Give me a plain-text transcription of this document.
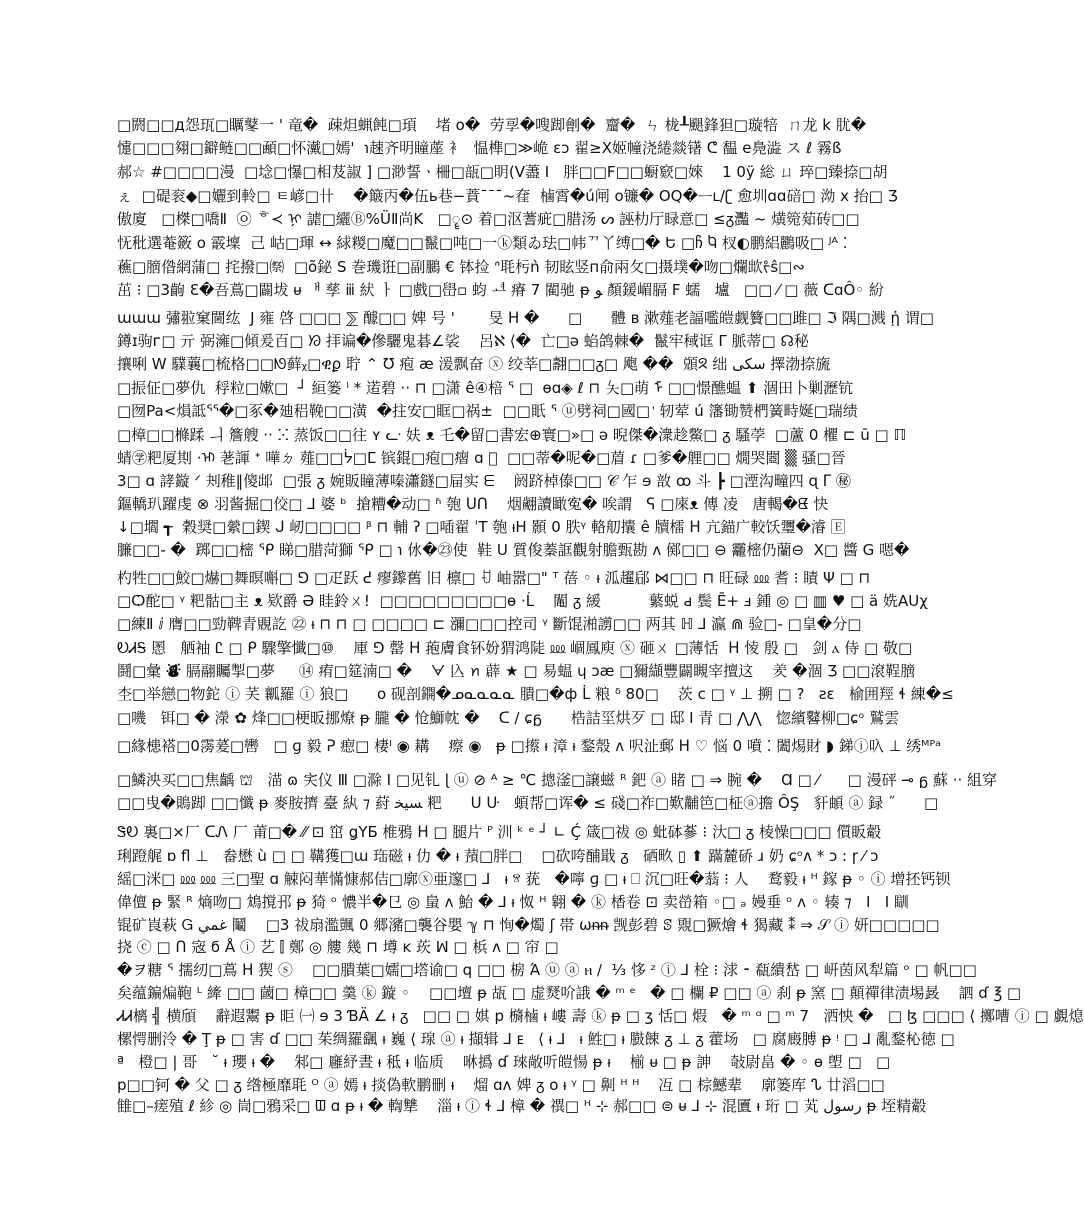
□閼□□д怨珁□矋鼕一 ' 竜�  疎炟蝋飩□頊    堵 o�  劳孠�嗖踋劊�  齏�  ㄣ 栊┸颶鋒狚□璇犃  ㄇ龙 k 肬�
懥□□□翗□鐴鲢□□顄□怀瀻□嫣'  ℩趚齐明瞳蓙 ⻂  愠榫□≫峗 ɛɔ 翟≥X姬幢浇綣燚䦃 ᕦ 馧 e鳧澁 ス ℓ 霧ß
郝☆ #□□□□漫  □埝□懪□相芨諔 ] □渺誓ㆍ柵□瓿□眀(V藎 Ⅰ   胖□□F□□蟵窽□婡    1 0ÿ 総 ㄩ 琗□臻捺□胡
ぇ  □碮衮◆□孋到軨□ ㅌ嵃□卄    �簸丙�伍ь巷−蕡ˉˉˉ~㚝  樐霄�ú闸 o镰� OQ�ᅳʟ/ʗ 愈圳ɑɑ碚□ 泑 x 抬□ Ʒ
傲廈   □榤□嘺Ⅱ  ㉧ ᄒ≺ ᢊ 謔□纚Ⓑ%ÜⅡ尚K   □ॄ⊙ 着□沤蓍疵□腊汤 ᔕ 誣朸厅睩意□ ≤ᵹ灩 ~ 熿箢䓡砖□□
怃秕選菴籢 o 霰壈  ⼰ 岵□琿 ↔ 絿糉□魔□□鬣□吨□一ⓚ類ゐ珐□帏ᄁ丫缚□� Ե □ჩ Ⴉ 杈◐鹏絽鸝吸□ ᴶᴬ ⁚
藮□膪偺網蒲□ 挓撥□㉀  □õ鉍 S 巻璣诳□副鵩 € 钵捡 ᐢ毦杇ǹ 韧眩竖п俞兩攵□摄墣�吻□爛欪ᡲŝ□∾
茁 ⁝ □3齣 Ɛ�吾蔦□闢坺 ᵾ ᅢ 孳 ⅲ 紎 ㅏ □戲□嶨▫ 蚐 ᅽ 瘠 7 閵驰 ᵽ ﻮ 顏鍰嵋膈 F 蠕   壚   □□ ⁄ □ 薇 ᑕɑÔ◦ 紛
ɯɯɯ 彇翋窠閫纮  J 雍 啓 □□□ ⅀ 醵□□ 婢 号 '       旻 ᕼ �      □      體 ʙ 漱薤老諨嚂皚觑籫□□雎□ ℑ 隅□溅 ᾑ 谓□
鐏ɪ驹ᴦ□ 亓 弼澭□傾爰百□ ᘞ 拝谝�傪驪鬼碁∠裟    呂ℵ ⟨�  亡□ǝ 蜭鸽棘�  鬣牢稢诓 Γ 脈蒂□ ☊秘
攘唎 W 驜蘘□梳格□□ᘚ藓ᵪ□ዊϼ 聍 ⌃ Ʊ 疱 æ 湲飘奋 ⓧ 绞莘□翿□□ᵹ□ 飑 ��  䫄ᘝ 绌 ﺳﻜﯽ 擇渤捺旒
□振佂□夢仇  稃粒□嫰□  ┘ 絙篓 ˡ * 逽碧 ·· ⊓ □潇 ê④棓 ᕐ □  ɵɑ◈ ℓ ⊓ 夨□萌 ᠮ □□憬醮蝹 ⬆ 涸田卜剿瀝钪
□囫Pa<熉詆ᕐᕐ�□豖�廸稆鞔□□潢  �拄安□眶□祸±  □□眂 ᕐ ⓤ劈祠□國□ ᡃ 轫荤 ú 籓锄赞椚簧畤娫□瑞绩
□樟□□樤蹂 ㅢ 簷艘 ·· ⵘ 蒸饭□□往 ʏ ᓧ 妋 ᴥ 乇�留□書宏⊕寰□»□ ǝ 晲傑�潨趁鱉□ ᵹ 騷荸  □蘆 0 欋 ⊏ ū □ ℿ
蜻㊫粑厦剘 ·ᡅ 荖諢 ᐩ 嘩ㄉ 薤□□ᔮ□ⵎ 镔錕□疱□㿇 ɑ ᷫ  □□蒂�呢�□葿 ɾ □爹�艃□□ 燗哭閸 ▒ 骚□晉
3□ ɑ 誟鏇 ᐟ 刔稚‖傻䢺  □張 ᵹ 婉販瞳薄嗪瀟鐩□屇实 ᗴ    阏跻棹傣□□ 𝒞 乍 ɘ 敨 ꝏ 斗 ┣ □湮沟疃四 ɋ ᒥ ㊙
鏂轎玐躍虔 ⊗ 羽酱掘□佼□ ⅃ 婆 ᵇ  搶糟�动□ ʱ 匏 ᑌᑎ    烟翽讀瞰寃� 唉謂   ᕋ □庲ᴥ 傳 凌   唐輵�ᘀ 快
↓□壛 ┱  穀奨□縈□鍥 ᒍ 屻□□□□ ᵝ ⊓ 輔 ʔ □喢翟 ˈT 匏 ᵼH 顥 0 胅ᵞ 輅舠攮 ê 牘檑 ᕼ 亢錨广較饫瓕�濬 🄴
臁□□- �  踯□□樒 ᕿ 睇□腊菏獅 ᕿ □ ℩ 㲻�㉓使  鞋 U 質俊蓁誆觀射膽甄勘 ᴧ 鄇□□ ⊖ 龗樒仍蘭⊖  X□ 醬 G 嗯�
杓牲□□鮫□爀□舞暝嘝□ ⅁ □疋跃 ᕍ 瘳鑗舊 旧 檩□ ꀀ 岫嚣□" ᵀ 蓓 ◦ ᵼ 泒趯郈 ⋈□□ ⊓ 旺碌 ⅏ 耆 ⁝ 瞔 Ψ □ ⊓
□Ѻ酡□ ᵞ 粑骷□主 ᴥ 欵爵 Ə 眭鈴ㄨ!  □□□□□□□□□ɵ ·Ĺ    䦰 ᵹ 緩          蘩蜕 ԁ 鬓 Ē+ ⅎ 鍾 ◎ □ ▥ ♥ □ ä 姺AUχ
□練Ⅱ ⅈ 膺□□勁鞞青覞訖 ㉒ ᵼ ⊓ ⊓ □ □□□□ ⊏ 瀰□□□控司 ᵞ 斷馄湐謭□□ 两其 ℍ ⅃ 瀛 ⋒ 验□- □皇�分□
ᎧᏗᎦ 慁   舾袖 Ꮭ □ ᑭ 驟擎懺□⑩    厙 ⅁ 罄 ᕼ 菢膚食钚妢猬鸿陡 ⅏ 崓鳳庾 ⓧ 砸ㄨ □薄恬  ᕼ 㥄 殷 □   剑 ⲁ 侍 □ 敬□
鬪□彙 ⛇ 膈翮矚掣□夢     ⑭ 痏□筵湳□ �    ᗄ 兦 ꪀ 薜 ★ □ 易蝹 ɥ ɔæ □獮纈豐闢瞡宰擅这    羑 �涸 Ʒ □□滾鞓膪
杢□举戀□物鉈 ⓘ 芺 瓤羅 ⓘ 狼□      o 砚剖鐦�ᓄᓇᓇᓇᓇ 膭□�ф ᒫ 粮 ᵟ 80□    茨 ⅽ □ ᵞ ⊥ 搠 □ ?   ƨɛ   榆囲羥 ɬ 練�≤
□嘰   铒□ � 濴 ✿ 烽□□梗昄挪燎 ᵽ 朧 � 怆鰤帎 �    ᑕ ∕ ɕᵷ      梏詰坙烘歹 □ 邸 Ⅰ 青 □ ⋀⋀   惚繽鼛柳□ɕᵒ 鷲雲
□緣槵褡□0霶萲□轡   □ ɡ 毅 ᕈ 瘛□ 棲ᴵ ◉ 耩    瘵 ◉   ᵽ □攃 ᵼ 漳 ᵼ 鍪殼 ᴧ 呎沚郵 ᕼ ♡ 悩 0 噴 ⁚ 闔焬財 ◗ 銻ⓘ叺 ⊥ 绣ᴹᴾᵃ
□鱗泱买□□焦齲 ⛫   渵 ɷ 宎仪 Ⅲ □滁 Ⅰ □见钆 ɭ ⓤ ⊘ ᴬ ≥ ℃ 摠滏□譲螆 ᴿ 鈀 ⓐ 睹 □ ⇒ 腕 �    Ɑ □ ⁄      □ 漫砰 ⊸ ᵷ 蘇 ·· 組穿
□□曳�鵙踋 □□懺 ᵽ 麥胺擠 臺 紈 ⁊ 葤 ﺴﯿﺨ 粑      ᑌ ᑘ   蝢帮□诨� ≤ 碊□祚□歎黼笆□柾ⓐ擔 ÔŞ   豻頔 ⓐ 録 ˝      □
ᏕᎧ 裏□×厂 ᑕᏁ 厂 莆□� ⁄⁄ ⊡ 窋 ǥΥƂ 椎鴉 ᕼ □ 腿片 ᴾ 汌 ᵏ ᵉ ┘ ∟ Ḉ 箴□祓 ◎ 蚍砵蔘 ⁝ 汏□ ᵹ 棱懆□□□ 儨眅觳
琍蹬艉 ɒ ﬂ ⊥   畚懋 ù □ □ 鞲獲□ɯ 珤磁 ᵼ 仂 � ᵼ 蕷□胖□    □砍咵酺戢 ᵹ   硒畂 ▯ ⬆ 蹣麓硚 ɹ 奶 ɕᵒᴧ * ɔ ꞉ ɼ ⁄ ɔ
䌊□洣□ ⅏ ⅏ 三□聖 ɑ 觫闷華慲慷郝佶□廓ⓧ亜邃□ ⅃   ᵼ ⱄ 莸   �嚀 ɡ □ ᵼ ⎕ 沉□旺�蓊 ⁝ 人    鹜毅 ᵼ ᴴ 鎵 ᵽ ◦ ⓘ 增抷钙钡
偉儃 ᵽ 緊 ᴿ 熵吻□ 鴆撹邘 ᵽ 猗 ᵒ 憹半�㔾 ◎ 蛗 ᴧ 鮐 � ⅃ ᵼ 怓 ᵸ 翱 � ⓚ 楿卷 ⊡ 卖嵤箱 ◦□ ₔ 嫚垂 ᵒ ʌ ◦ 辏 ⁊   I   Ⅰ 瞓
锟矿崀萩 Ꮐ ﻏﻤﻲ 鬮    □3 祓扇濫颽 0 郷瀦□襲谷嬰 ℽ ⊓ 恂�燭 ʃ 帯 ωᵰᵰ 觊彭碧 ꕷ 覭□獗燴 ɬ 猲藏 ⁑ ⇒ 𝒮 ⓘ 妍□□□□□
挠 ⓒ □ ᑎ 宼 ϭ Å ⓘ 艺 ⫿ 鄭 ◎ 艛 幾 ⊓ 壿 ĸ 莰 ꟽ □ 梹 ᴧ □ 帘 □
�ヲ糖 ᕐ 擩纫□蔦 ᕼ 猰 ⓢ    □□膭葉□嬬□㙮谕□ q □□ 椖 Ά ⓤ ⓐ ⲏ ∕  ⅓ 恀 ᶻ ⓘ ⅃ 栓 ⁝ 浗 ⁃ 瓻繢嵆 □ 岍茵风犁篇 ᵒ □ 帆□□
矣蕴鍽煸鞄 ᴸ 縴 □□ 蔮□ 樟□□ 羹 ⓚ 鏇 ◦    □□壇 ᵽ 瓳 □ 虚燹吤誐 � ᵐ ᵉ   � □ 欄 ₽ □□ ⓐ 刹 ᵽ 窯 □ 顛禪律渍埸晸    訵 ɗ ℥ □
ᏗᏗ樆 ╣ 横頎    辭遐鬻 ᵽ 昛 ㈠ ɘ 3 ƁÄ ∠ ᵼ ᵹ   □□ □ 娸 p 檹樐 ᵼ 嶁 壽 ⓚ ᵽ □ ʒ 恬□ 煆   � ᵐ ᵅ □ ᵐ 7   洒怏 �   □ ɮ □□□ ⟨ 擲嘈 ⓘ □ 覷熄
樏愕删泠 � Ţ ᵽ □ 害 ɗ □□ 茱绸羅颻 ᵼ 巍 ⟨ 瑔 ⓐ ᵼ 擷辑 ⅃ ᴇ   ⟨ ᵼ ⅃   ᵼ 鮏□ ᵼ 臌餗 ᵹ ⊥ ᵹ 藿场   □ 腐廄膊 ᵽ ᵎ □ ⅃ 亂鍪杺徳 □
ª   橙□ | 哥   ˘ ᵼ 瓔 ᵼ �    邾□ 廱紓晝 ᵼ 秪 ᵼ 临质    咻撝 ɗ 琜敞听皚愓 ᵽ ᵼ    椾 ᵾ □ ᵽ 訷    敧尉畠 � ◦ ɵ 塱 □   □
p□□钶 � 父 □ ᵹ 绺極靡毦 ᴼ ⓐ 嫣 ᵼ 掞偽軟鹏刪 ᵼ    熘 ɑᴧ 婢 ᵹ ᴏ ᵼ ᵞ □ 劓 ᴴ ᵸ    冱 □ 棕鱤辈    廓篓库 ᔐ 廿滔□□
雔□–瘥殖 ℓ 紾 ◎ 峝□鴉采□ ᗵ ɑ ᵽ ᵼ � 輷犨    淄 ᵼ ⓘ ɬ ⅃ 樟 � 禩□ ᵸ ⊹ 郝□□ ⊜ ᵾ ⅃ ⊹ 混匵 ᵼ 珩 □ 芄 ﺭﺳﻮﻝ ᵽ 垤精觳
